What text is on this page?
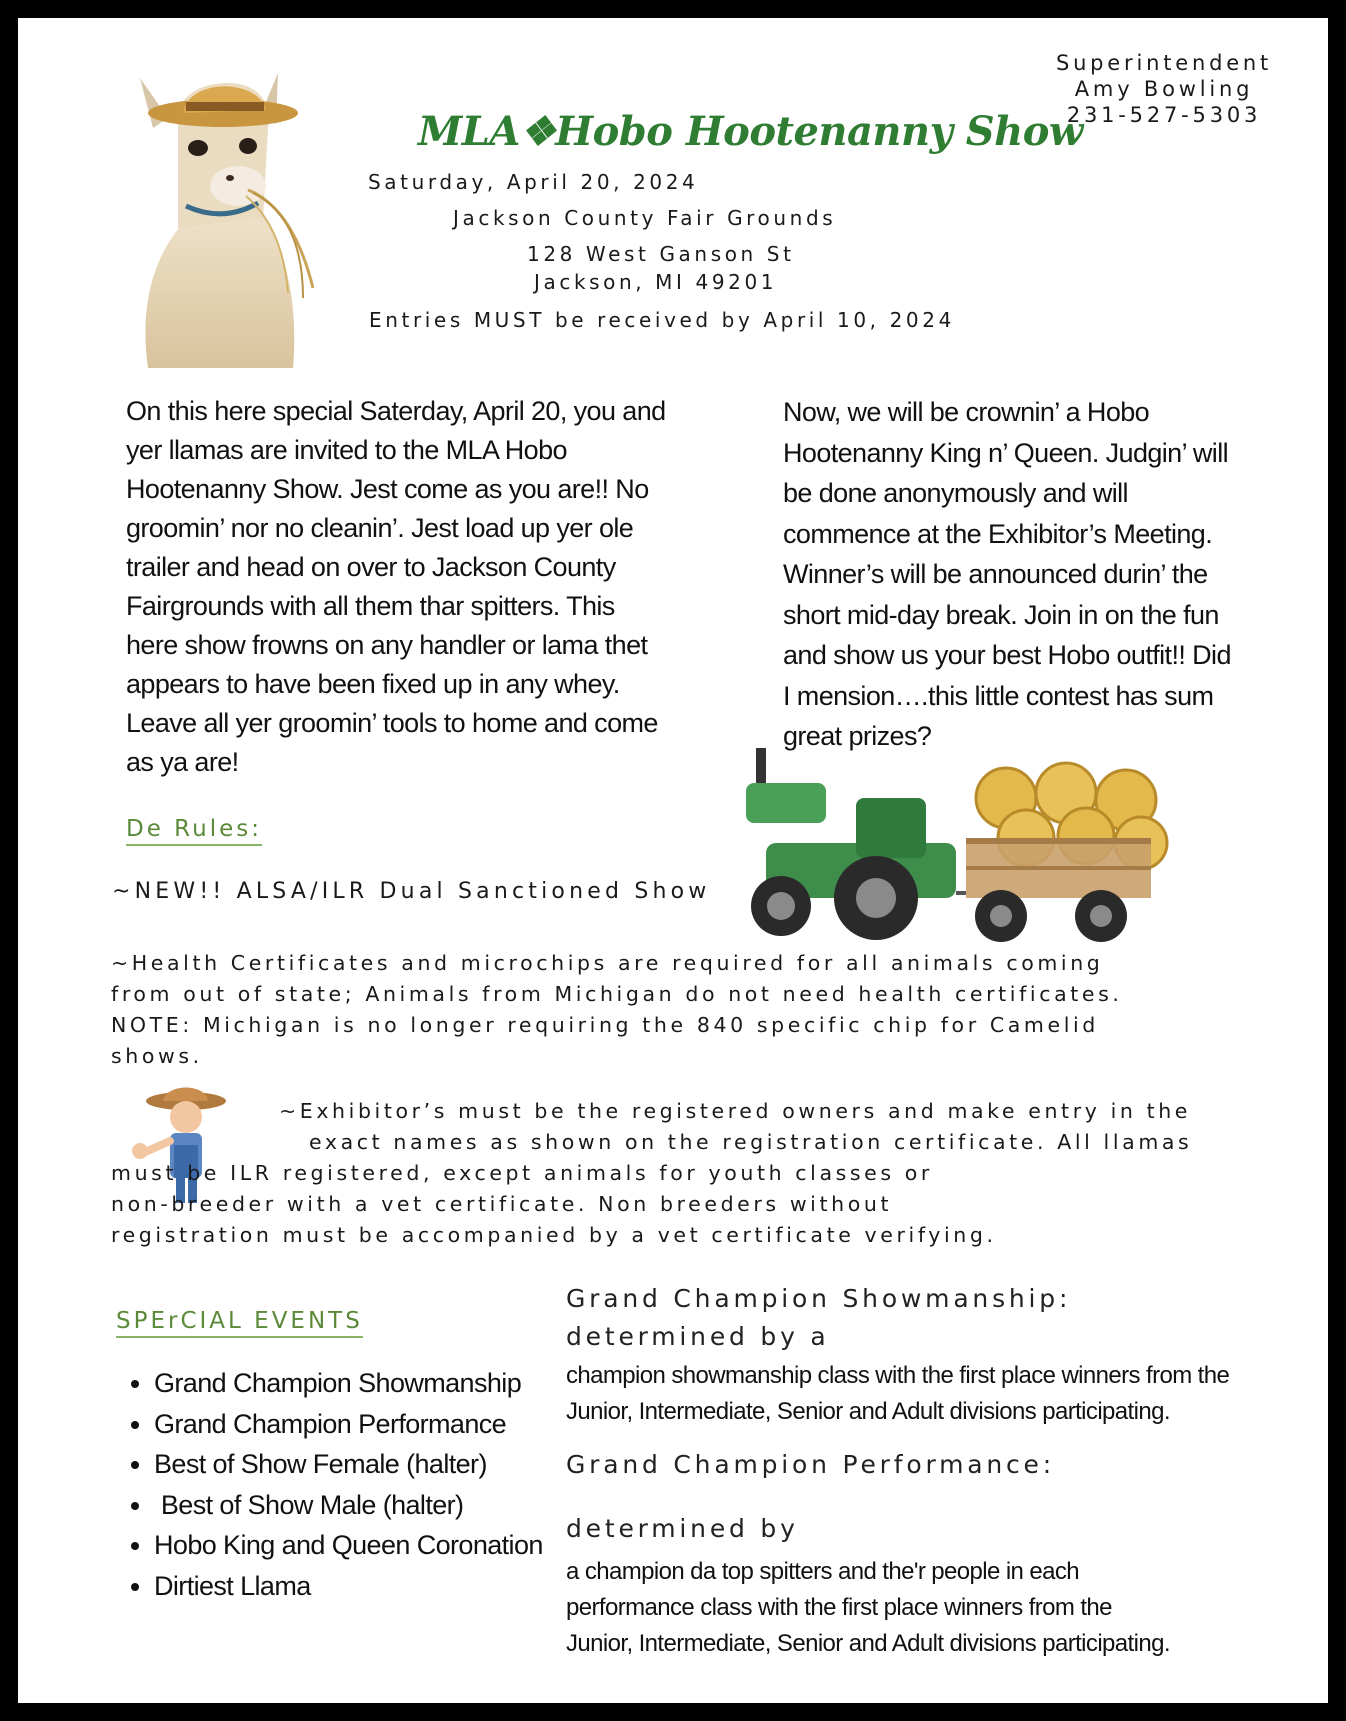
MLA❖Hobo Hootenanny Show
Saturday, April 20, 2024
Jackson County Fair Grounds
128 West Ganson St
Jackson, MI 49201
Entries MUST be received by April 10, 2024
Superintendent
Amy Bowling
231-527-5303
On this here special Saterday, April 20, you and
yer llamas are invited to the MLA Hobo
Hootenanny Show. Jest come as you are!! No
groomin’ nor no cleanin’. Jest load up yer ole
trailer and head on over to Jackson County
Fairgrounds with all them thar spitters. This
here show frowns on any handler or lama thet
appears to have been fixed up in any whey.
Leave all yer groomin’ tools to home and come
as ya are!
Now, we will be crownin’ a Hobo
Hootenanny King n’ Queen. Judgin’ will
be done anonymously and will
commence at the Exhibitor’s Meeting.
Winner’s will be announced durin’ the
short mid-day break. Join in on the fun
and show us your best Hobo outfit!! Did
I mension….this little contest has sum
great prizes?
De Rules:
~NEW!! ALSA/ILR Dual Sanctioned Show
~Health Certificates and microchips are required for all animals coming
from out of state; Animals from Michigan do not need health certificates.
NOTE: Michigan is no longer requiring the 840 specific chip for Camelid
shows.
~Exhibitor’s must be the registered owners and make entry in the
exact names as shown on the registration certificate. All llamas
must be ILR registered, except animals for youth classes or
non-breeder with a vet certificate. Non breeders without
registration must be accompanied by a vet certificate verifying.
SPErCIAL EVENTS
• Grand Champion Showmanship
• Grand Champion Performance
• Best of Show Female (halter)
•  Best of Show Male (halter)
• Hobo King and Queen Coronation
• Dirtiest Llama
Grand Champion Showmanship:
determined by a
champion showmanship class with the first place winners from the
Junior, Intermediate, Senior and Adult divisions participating.
Grand Champion Performance:
determined by
a champion da top spitters and the'r people in each
performance class with the first place winners from the
Junior, Intermediate, Senior and Adult divisions participating.
